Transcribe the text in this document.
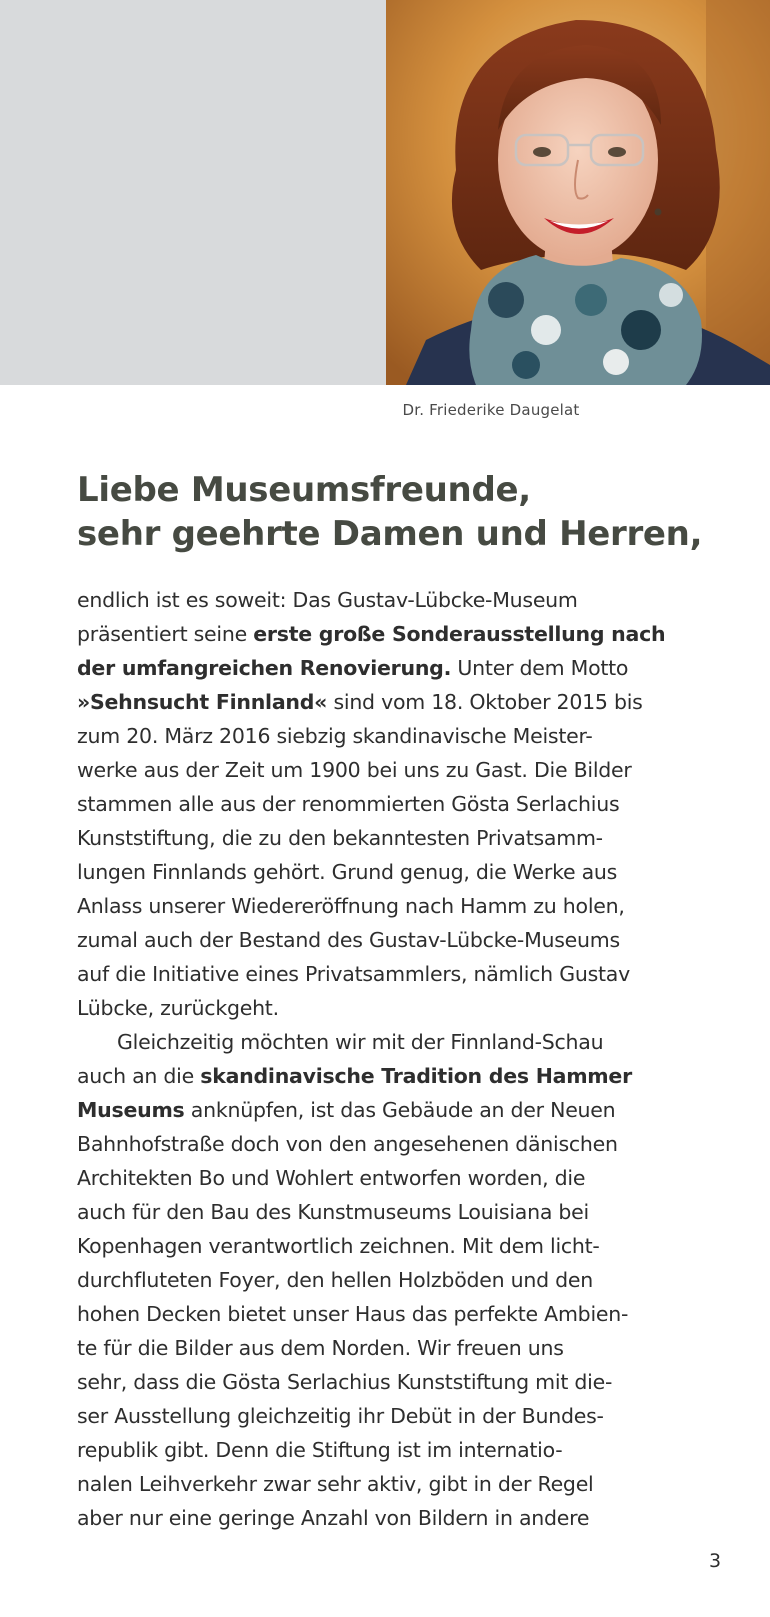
Dr. Friederike Daugelat
Liebe Museumsfreunde,
sehr geehrte Damen und Herren,
endlich ist es soweit: Das Gustav-Lübcke-Museum
präsentiert seine erste große Sonderausstellung nach
der umfangreichen Renovierung. Unter dem Motto
»Sehnsucht Finnland« sind vom 18. Oktober 2015 bis
zum 20. März 2016 siebzig skandinavische Meister-
werke aus der Zeit um 1900 bei uns zu Gast. Die Bilder
stammen alle aus der renommierten Gösta Serlachius
Kunststiftung, die zu den bekanntesten Privatsamm-
lungen Finnlands gehört. Grund genug, die Werke aus
Anlass unserer Wiedereröffnung nach Hamm zu holen,
zumal auch der Bestand des Gustav-Lübcke-Museums
auf die Initiative eines Privatsammlers, nämlich Gustav
Lübcke, zurückgeht.
Gleichzeitig möchten wir mit der Finnland-Schau
auch an die skandinavische Tradition des Hammer
Museums anknüpfen, ist das Gebäude an der Neuen
Bahnhofstraße doch von den angesehenen dänischen
Architekten Bo und Wohlert entworfen worden, die
auch für den Bau des Kunstmuseums Louisiana bei
Kopenhagen verantwortlich zeichnen. Mit dem licht-
durchfluteten Foyer, den hellen Holzböden und den
hohen Decken bietet unser Haus das perfekte Ambien-
te für die Bilder aus dem Norden. Wir freuen uns
sehr, dass die Gösta Serlachius Kunststiftung mit die-
ser Ausstellung gleichzeitig ihr Debüt in der Bundes-
republik gibt. Denn die Stiftung ist im internatio-
nalen Leihverkehr zwar sehr aktiv, gibt in der Regel
aber nur eine geringe Anzahl von Bildern in andere
3
